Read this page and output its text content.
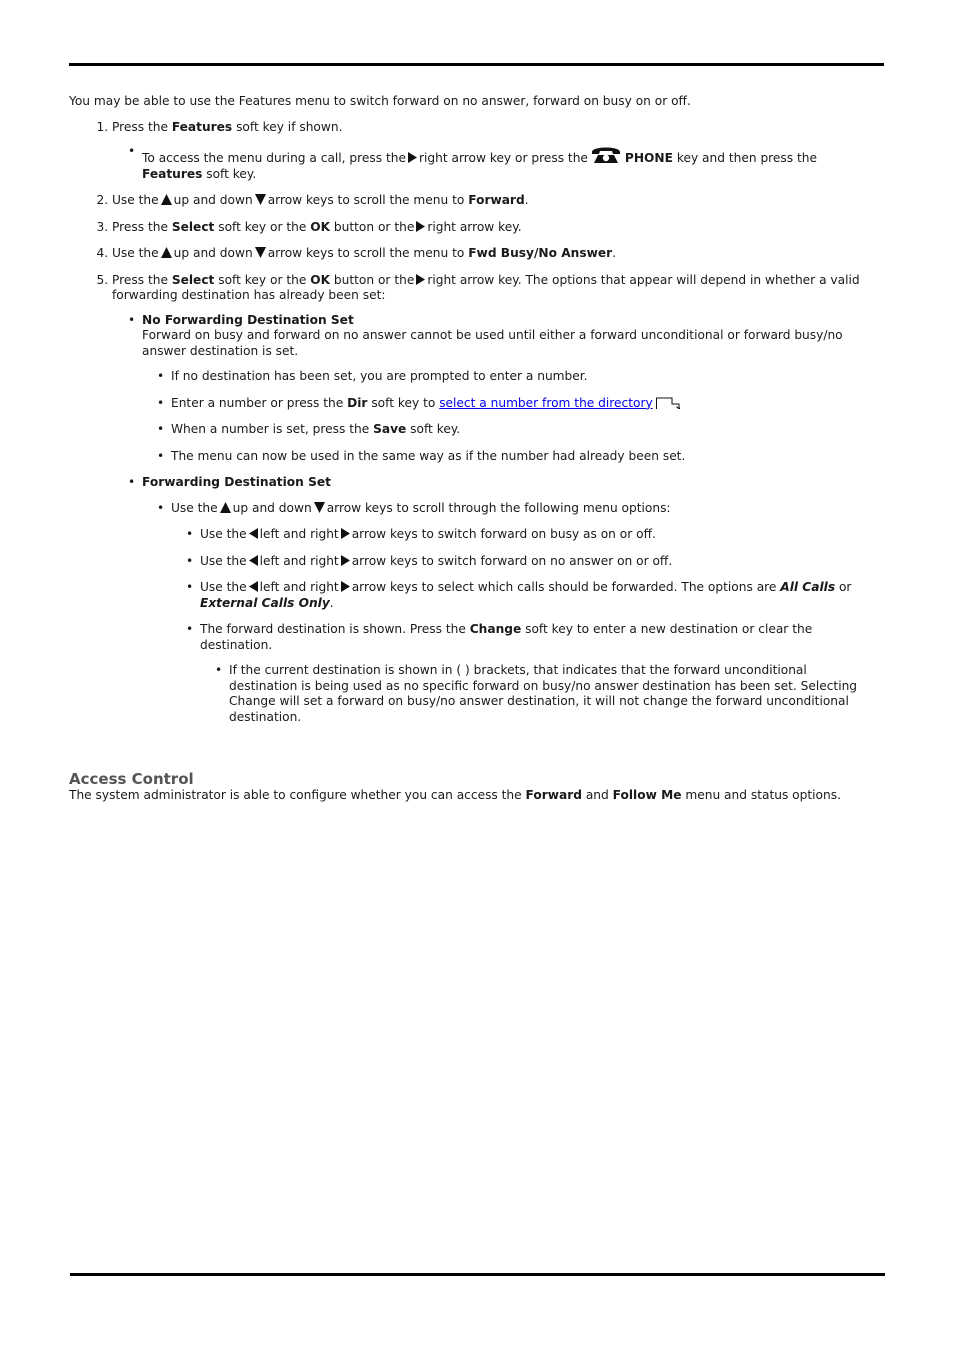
You may be able to use the Features menu to switch forward on no answer, forward on busy on or off.

1. Press the Features soft key if shown.
• To access the menu during a call, press the right arrow key or press the	PHONE key and then press the Features soft key.
2. Use the up and down arrow keys to scroll the menu to Forward.
3. Press the Select soft key or the OK button or the right arrow key.
4. Use the up and down arrow keys to scroll the menu to Fwd Busy/No Answer.
5. Press the Select soft key or the OK button or the right arrow key. The options that appear will depend in whether a valid forwarding destination has already been set:
• No Forwarding Destination Set
Forward on busy and forward on no answer cannot be used until either a forward unconditional or forward busy/no answer destination is set.
• If no destination has been set, you are prompted to enter a number.
• Enter a number or press the Dir soft key to select a number from the directory
• When a number is set, press the Save soft key.
• The menu can now be used in the same way as if the number had already been set.
• Forwarding Destination Set
• Use the up and down arrow keys to scroll through the following menu options:
• Use the left and right arrow keys to switch forward on busy as on or off.
• Use the left and right arrow keys to switch forward on no answer on or off.
• Use the left and right arrow keys to select which calls should be forwarded. The options are All Calls or External Calls Only.
• The forward destination is shown. Press the Change soft key to enter a new destination or clear the destination.
• If the current destination is shown in ( ) brackets, that indicates that the forward unconditional destination is being used as no specific forward on busy/no answer destination has been set. Selecting Change will set a forward on busy/no answer destination, it will not change the forward unconditional destination.
Access Control

The system administrator is able to configure whether you can access the Forward and Follow Me menu and status options.
